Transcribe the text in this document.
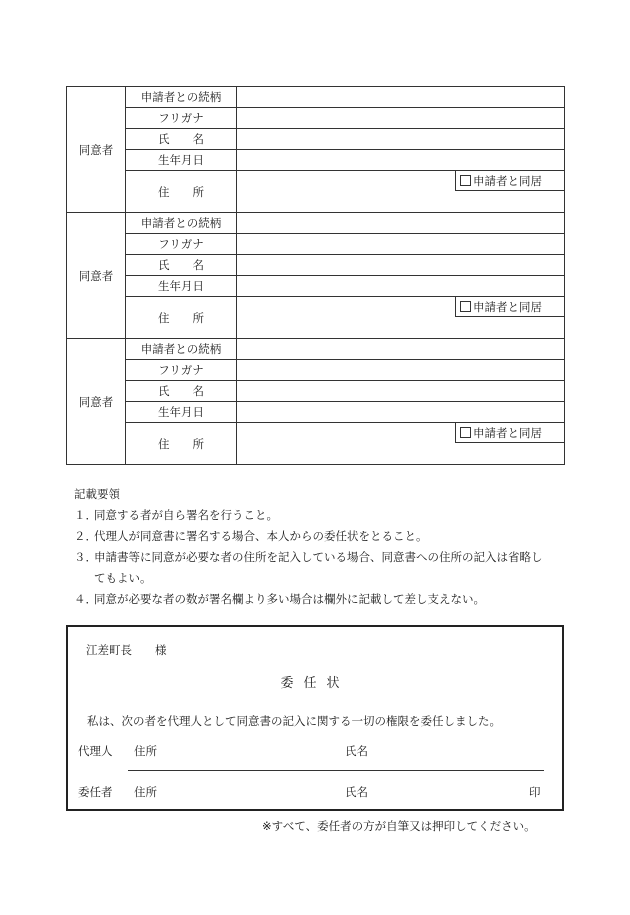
同意者	申請者との続柄	
	フリガナ	
	氏　　名	
	生年月日	
	住　　所	申請者と同居

同意者	申請者との続柄	
	フリガナ	
	氏　　名	
	生年月日	
	住　　所	申請者と同居

同意者	申請者との続柄	
	フリガナ	
	氏　　名	
	生年月日	
	住　　所	申請者と同居
記載要領
１．
同意する者が自ら署名を行うこと。
２．
代理人が同意書に署名する場合、本人からの委任状をとること。
３．
申請書等に同意が必要な者の住所を記入している場合、同意書への住所の記入は省略してもよい。
４．
同意が必要な者の数が署名欄より多い場合は欄外に記載して差し支えない。
江差町長　　様
委任状
私は、次の者を代理人として同意書の記入に関する一切の権限を委任しました。
代理人 住所	氏名
委任者 住所	氏名	印
※すべて、委任者の方が自筆又は押印してください。
